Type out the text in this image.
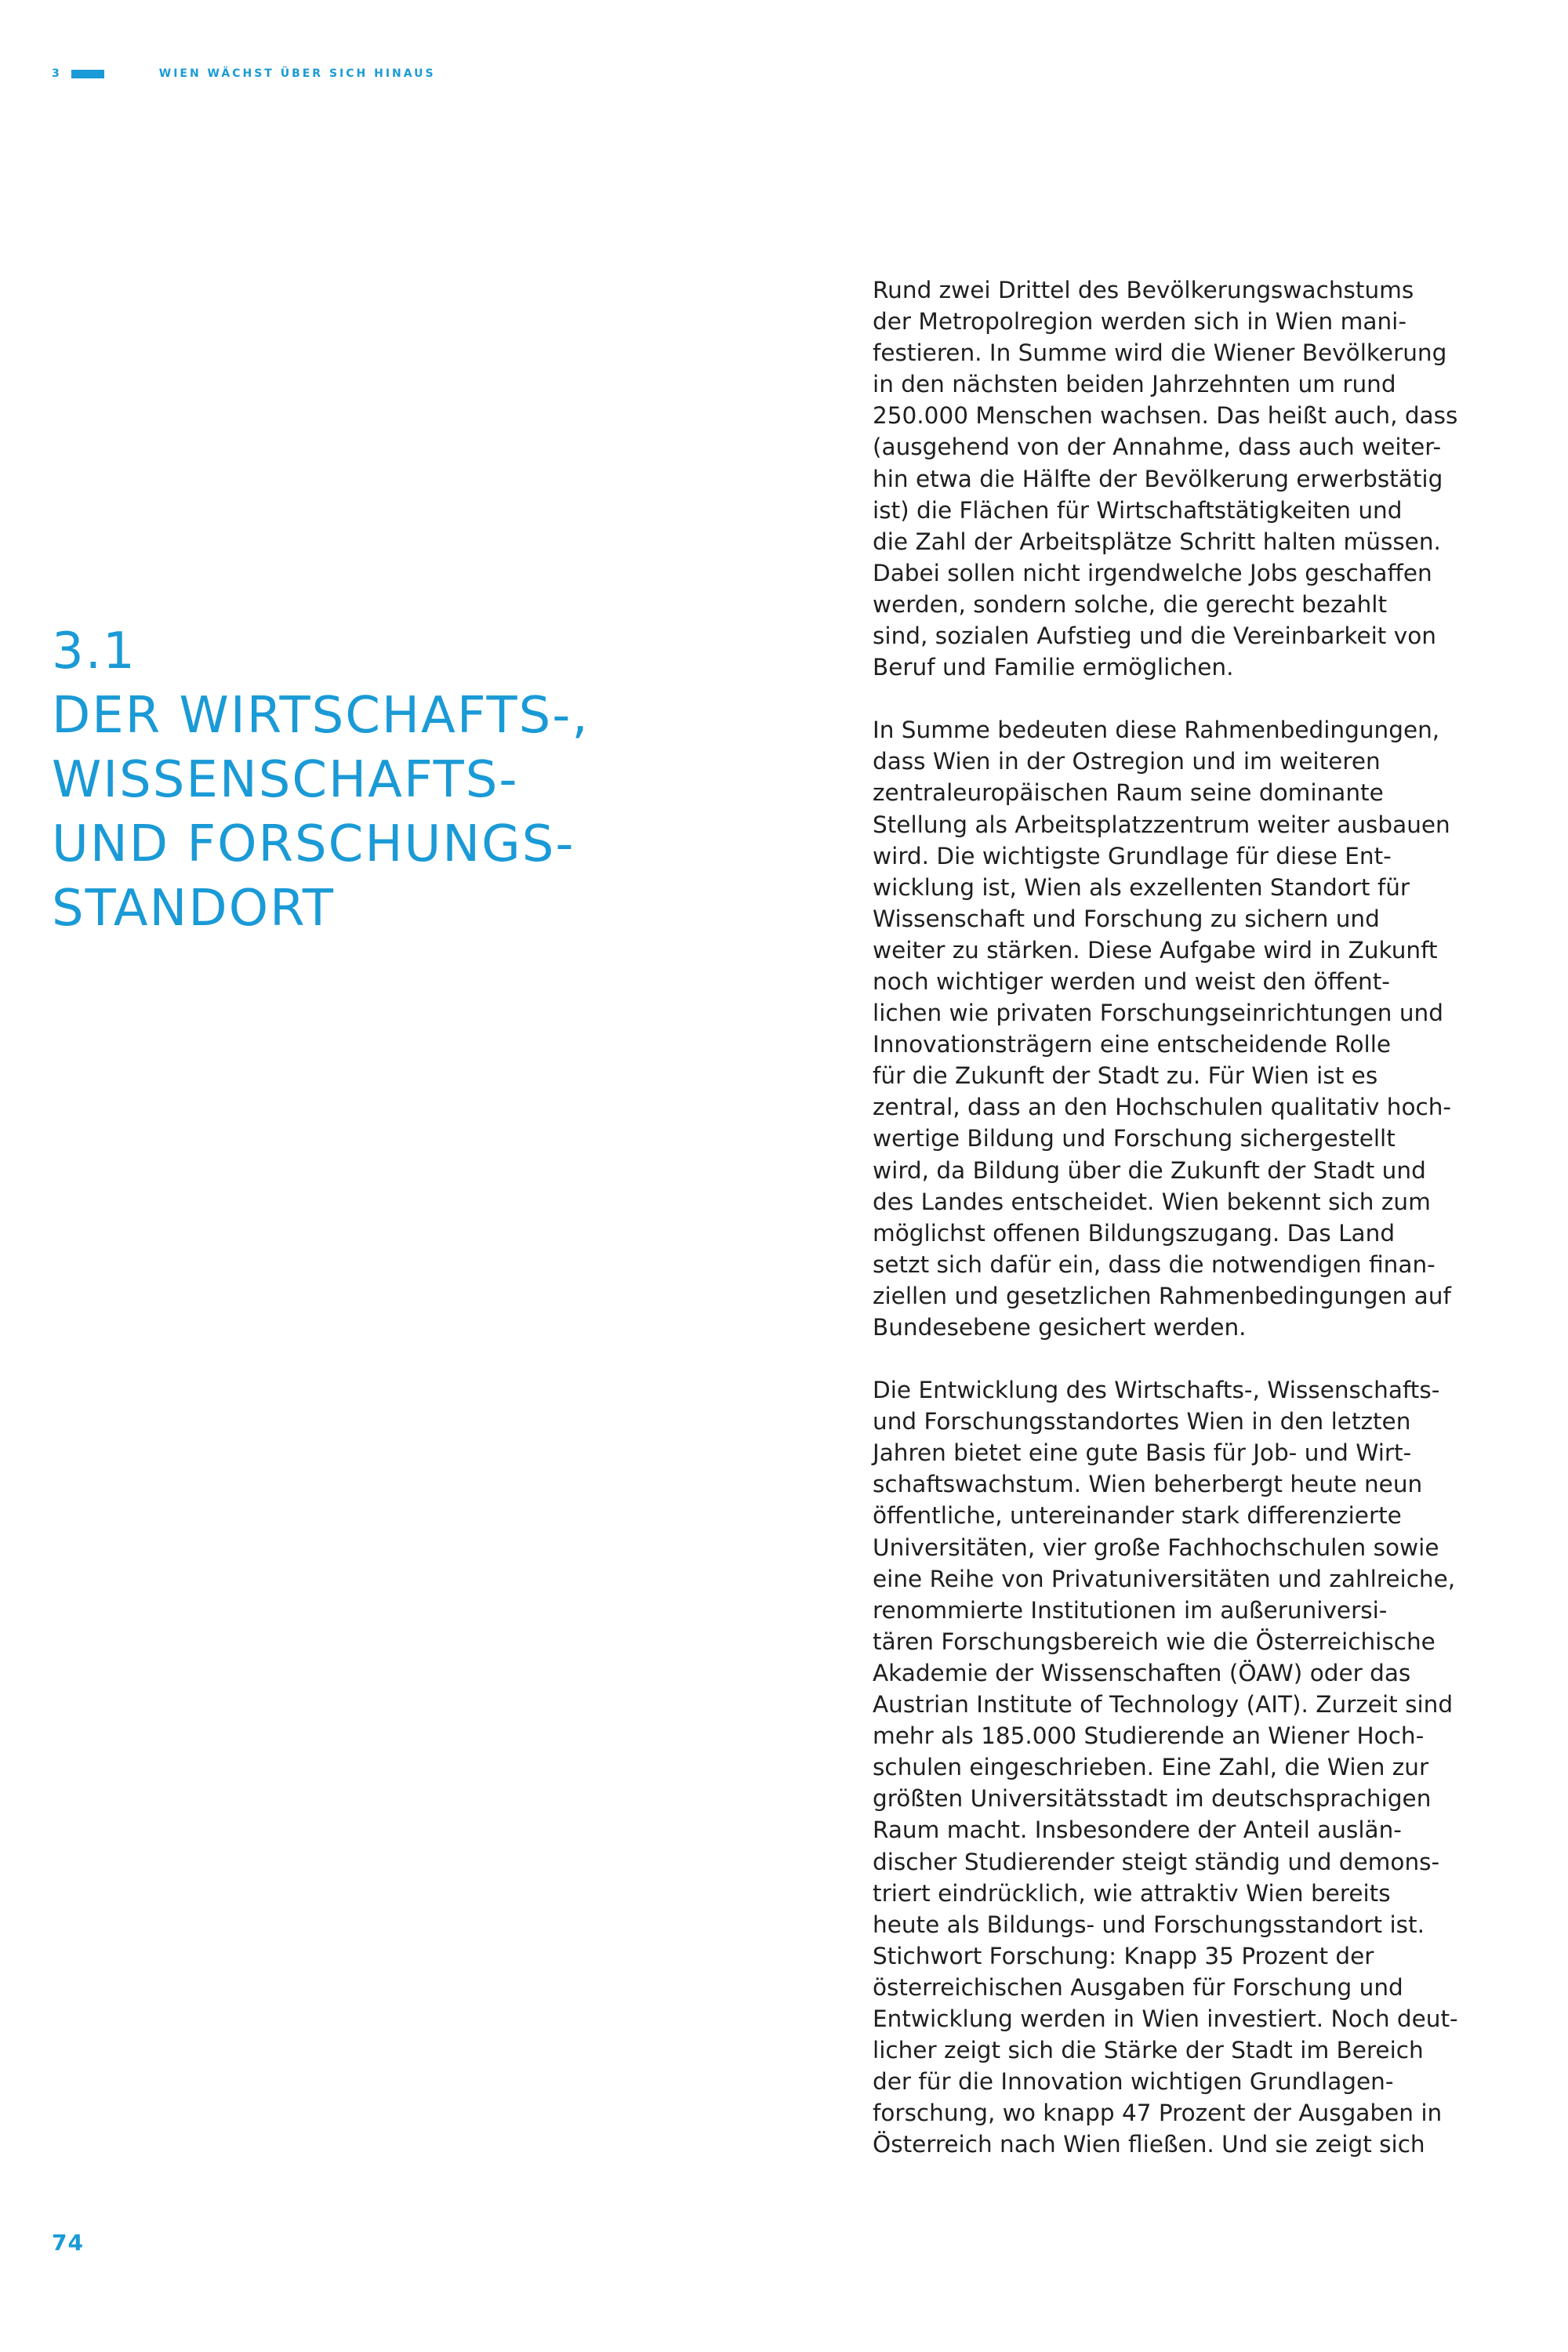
3	WIEN WÄCHST ÜBER SICH HINAUS
3.1
DER WIRTSCHAFTS-,
WISSENSCHAFTS-
UND FORSCHUNGS-
STANDORT

Rund zwei Drittel des Bevölkerungswachstums
der Metropolregion werden sich in Wien mani-
festieren. In Summe wird die Wiener Bevölkerung
in den nächsten beiden Jahrzehnten um rund
250.000 Menschen wachsen. Das heißt auch, dass
(ausgehend von der Annahme, dass auch weiter-
hin etwa die Hälfte der Bevölkerung erwerbstätig
ist) die Flächen für Wirtschaftstätigkeiten und
die Zahl der Arbeitsplätze Schritt halten müssen.
Dabei sollen nicht irgendwelche Jobs geschaffen
werden, sondern solche, die gerecht bezahlt
sind, sozialen Aufstieg und die Vereinbarkeit von
Beruf und Familie ermöglichen.

In Summe bedeuten diese Rahmenbedingungen,
dass Wien in der Ostregion und im weiteren
zentraleuropäischen Raum seine dominante
Stellung als Arbeitsplatzzentrum weiter ausbauen
wird. Die wichtigste Grundlage für diese Ent-
wicklung ist, Wien als exzellenten Standort für
Wissenschaft und Forschung zu sichern und
weiter zu stärken. Diese Aufgabe wird in Zukunft
noch wichtiger werden und weist den öffent-
lichen wie privaten Forschungseinrichtungen und
Innovationsträgern eine entscheidende Rolle
für die Zukunft der Stadt zu. Für Wien ist es
zentral, dass an den Hochschulen qualitativ hoch-
wertige Bildung und Forschung sichergestellt
wird, da Bildung über die Zukunft der Stadt und
des Landes entscheidet. Wien bekennt sich zum
möglichst offenen Bildungszugang. Das Land
setzt sich dafür ein, dass die notwendigen finan-
ziellen und gesetzlichen Rahmenbedingungen auf
Bundesebene gesichert werden.

Die Entwicklung des Wirtschafts-, Wissenschafts-
und Forschungsstandortes Wien in den letzten
Jahren bietet eine gute Basis für Job- und Wirt-
schaftswachstum. Wien beherbergt heute neun
öffentliche, untereinander stark differenzierte
Universitäten, vier große Fachhochschulen sowie
eine Reihe von Privatuniversitäten und zahlreiche,
renommierte Institutionen im außeruniversi-
tären Forschungsbereich wie die Österreichische
Akademie der Wissenschaften (ÖAW) oder das
Austrian Institute of Technology (AIT). Zurzeit sind
mehr als 185.000 Studierende an Wiener Hoch-
schulen eingeschrieben. Eine Zahl, die Wien zur
größten Universitätsstadt im deutschsprachigen
Raum macht. Insbesondere der Anteil auslän-
discher Studierender steigt ständig und demons-
triert eindrücklich, wie attraktiv Wien bereits
heute als Bildungs- und Forschungsstandort ist.
Stichwort Forschung: Knapp 35 Prozent der
österreichischen Ausgaben für Forschung und
Entwicklung werden in Wien investiert. Noch deut-
licher zeigt sich die Stärke der Stadt im Bereich
der für die Innovation wichtigen Grundlagen-
forschung, wo knapp 47 Prozent der Ausgaben in
Österreich nach Wien fließen. Und sie zeigt sich

74
